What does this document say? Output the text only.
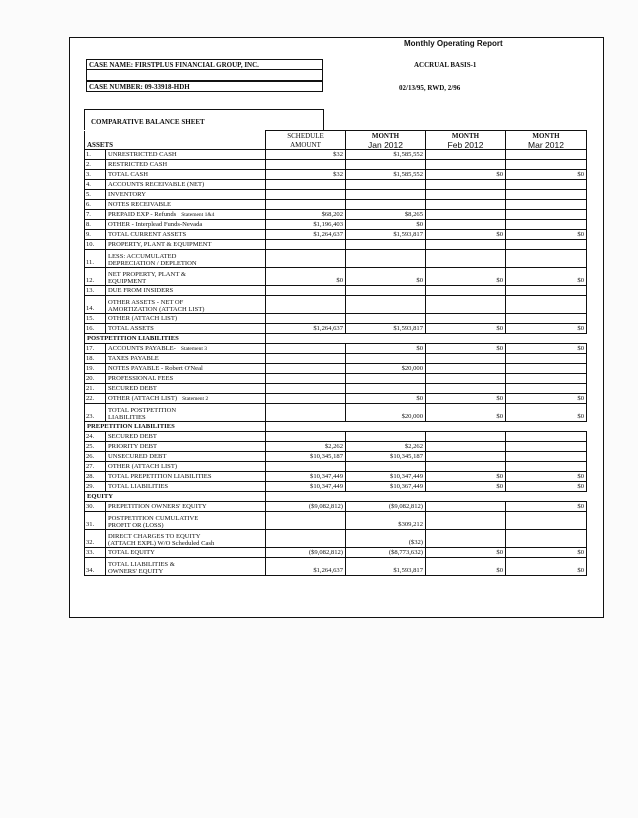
Monthly Operating Report
CASE NAME: FIRSTPLUS FINANCIAL GROUP, INC.
CASE NUMBER: 09-33918-HDH
ACCRUAL BASIS-1
02/13/95, RWD, 2/96
COMPARATIVE BALANCE SHEET
		SCHEDULE	MONTH	MONTH	MONTH
ASSETS		AMOUNT	Jan 2012	Feb 2012	Mar 2012
1.	UNRESTRICTED CASH	$32	$1,585,552		
2.	RESTRICTED CASH				
3.	TOTAL CASH	$32	$1,585,552	$0	$0
4.	ACCOUNTS RECEIVABLE (NET)				
5.	INVENTORY				
6.	NOTES RECEIVABLE				
7.	PREPAID EXP - Refunds Statement 1&4	$68,202	$8,265		
8.	OTHER - Interplead Funds-Nevada	$1,196,403	$0		
9.	TOTAL CURRENT ASSETS	$1,264,637	$1,593,817	$0	$0
10.	PROPERTY, PLANT & EQUIPMENT				
11.	LESS: ACCUMULATED
DEPRECIATION / DEPLETION				

12.	NET PROPERTY, PLANT &
EQUIPMENT	$0	$0	$0	$0
13.	DUE FROM INSIDERS				
14.	OTHER ASSETS - NET OF
AMORTIZATION (ATTACH LIST)				

15.	OTHER (ATTACH LIST)				
16.	TOTAL ASSETS	$1,264,637	$1,593,817	$0	$0
POSTPETITION LIABILITIES					
17.	ACCOUNTS PAYABLE- Statement 3		$0	$0	$0
18.	TAXES PAYABLE				
19.	NOTES PAYABLE - Robert O'Neal		$20,000		
20.	PROFESSIONAL FEES				
21.	SECURED DEBT				
22.	OTHER (ATTACH LIST) Statement 2		$0	$0	$0
23.	TOTAL POSTPETITION
LIABILITIES		$20,000	$0	$0
PREPETITION LIABILITIES					
24.	SECURED DEBT				
25.	PRIORITY DEBT	$2,262	$2,262		
26.	UNSECURED DEBT	$10,345,187	$10,345,187		
27.	OTHER (ATTACH LIST)				
28.	TOTAL PREPETITION LIABILITIES	$10,347,449	$10,347,449	$0	$0
29.	TOTAL LIABILITIES	$10,347,449	$10,367,449	$0	$0
EQUITY					
30.	PREPETITION OWNERS' EQUITY	($9,082,812)	($9,082,812)		$0
31.	POSTPETITION CUMULATIVE
PROFIT OR (LOSS)		$309,212		
32.	DIRECT CHARGES TO EQUITY
(ATTACH EXPL) W/O Scheduled Cash		($32)		
33.	TOTAL EQUITY	($9,082,812)	($8,773,632)	$0	$0
34.	TOTAL LIABILITIES &
OWNERS' EQUITY	$1,264,637	$1,593,817	$0	$0
